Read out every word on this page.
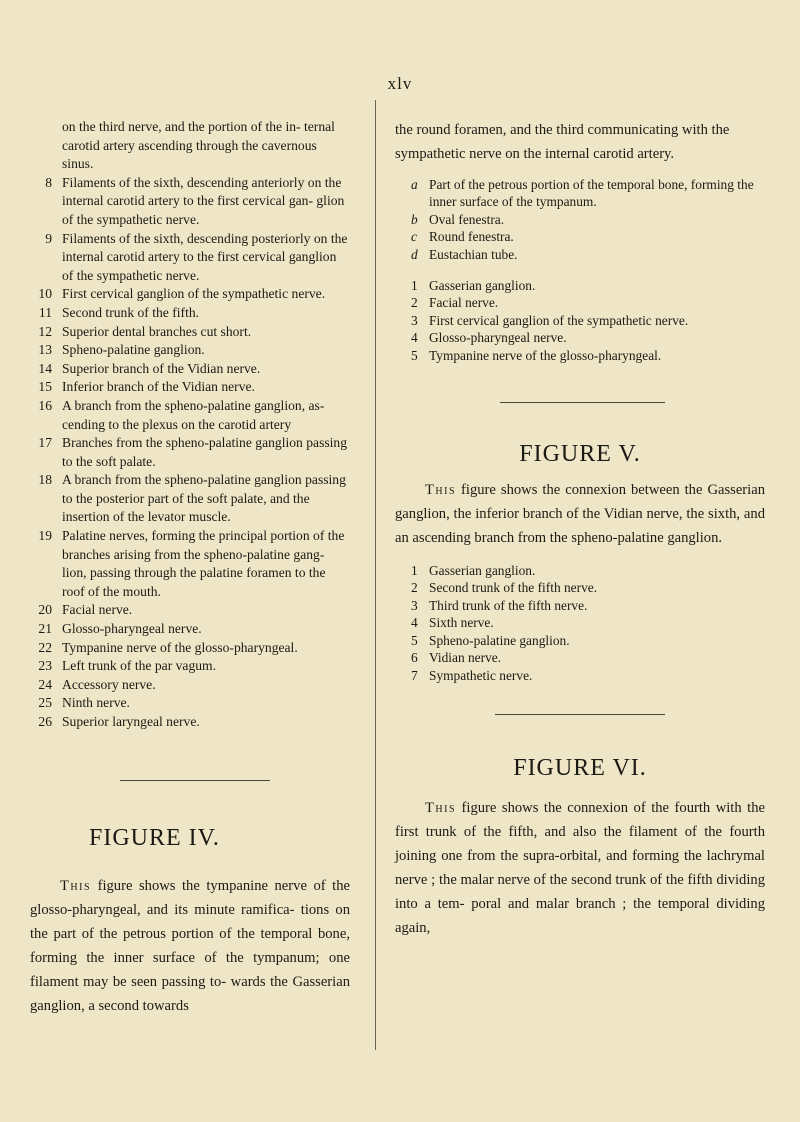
xlv
on the third nerve, and the portion of the in- ternal carotid artery ascending through the cavernous sinus.
8 Filaments of the sixth, descending anteriorly on the internal carotid artery to the first cervical gan- glion of the sympathetic nerve.
9 Filaments of the sixth, descending posteriorly on the internal carotid artery to the first cervical ganglion of the sympathetic nerve.
10 First cervical ganglion of the sympathetic nerve.
11 Second trunk of the fifth.
12 Superior dental branches cut short.
13 Spheno-palatine ganglion.
14 Superior branch of the Vidian nerve.
15 Inferior branch of the Vidian nerve.
16 A branch from the spheno-palatine ganglion, as- cending to the plexus on the carotid artery
17 Branches from the spheno-palatine ganglion passing to the soft palate.
18 A branch from the spheno-palatine ganglion passing to the posterior part of the soft palate, and the insertion of the levator muscle.
19 Palatine nerves, forming the principal portion of the branches arising from the spheno-palatine gang- lion, passing through the palatine foramen to the roof of the mouth.
20 Facial nerve.
21 Glosso-pharyngeal nerve.
22 Tympanine nerve of the glosso-pharyngeal.
23 Left trunk of the par vagum.
24 Accessory nerve.
25 Ninth nerve.
26 Superior laryngeal nerve.
FIGURE IV.

This figure shows the tympanine nerve of the glosso-pharyngeal, and its minute ramifica- tions on the part of the petrous portion of the temporal bone, forming the inner surface of the tympanum; one filament may be seen passing to- wards the Gasserian ganglion, a second towards

the round foramen, and the third communicating with the sympathetic nerve on the internal carotid artery.

a Part of the petrous portion of the temporal bone, forming the inner surface of the tympanum.
b Oval fenestra.
c Round fenestra.
d Eustachian tube.
1 Gasserian ganglion.
2 Facial nerve.
3 First cervical ganglion of the sympathetic nerve.
4 Glosso-pharyngeal nerve.
5 Tympanine nerve of the glosso-pharyngeal.
FIGURE V.

This figure shows the connexion between the Gasserian ganglion, the inferior branch of the Vidian nerve, the sixth, and an ascending branch from the spheno-palatine ganglion.

1 Gasserian ganglion.
2 Second trunk of the fifth nerve.
3 Third trunk of the fifth nerve.
4 Sixth nerve.
5 Spheno-palatine ganglion.
6 Vidian nerve.
7 Sympathetic nerve.
FIGURE VI.

This figure shows the connexion of the fourth with the first trunk of the fifth, and also the filament of the fourth joining one from the supra-orbital, and forming the lachrymal nerve ; the malar nerve of the second trunk of the fifth dividing into a tem- poral and malar branch ; the temporal dividing again,
